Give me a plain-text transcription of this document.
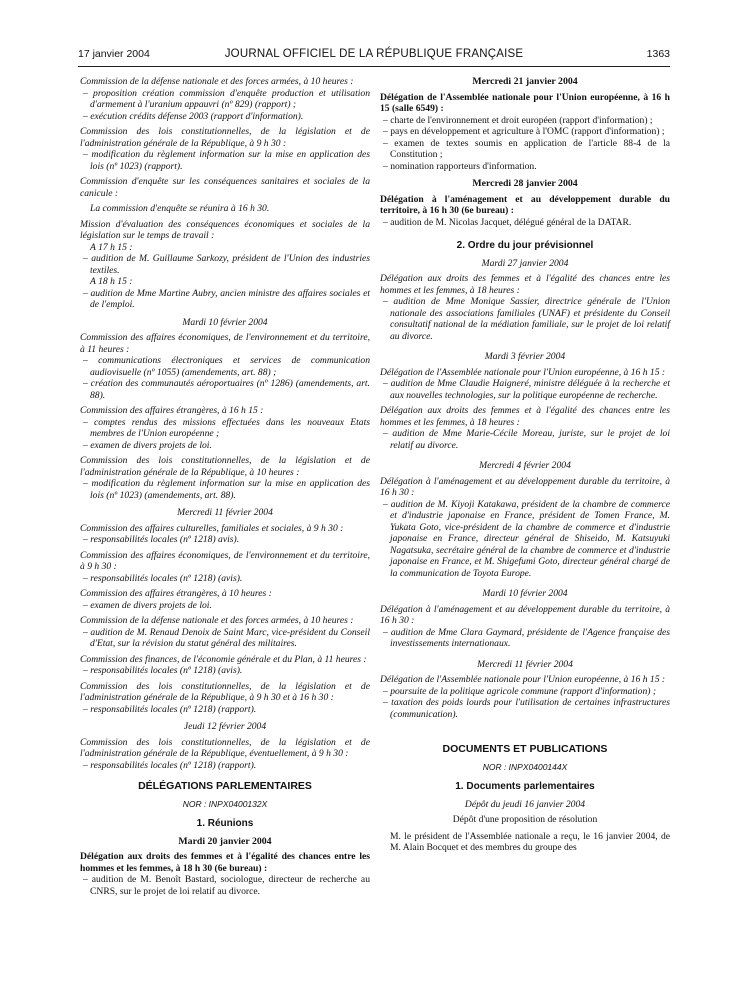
17 janvier 2004	JOURNAL OFFICIEL DE LA RÉPUBLIQUE FRANÇAISE	1363

Commission de la défense nationale et des forces armées, à 10 heures :

– proposition création commission d'enquête production et utilisation d'armement à l'uranium appauvri (nº 829) (rapport) ;

– exécution crédits défense 2003 (rapport d'information).

Commission des lois constitutionnelles, de la législation et de l'administration générale de la République, à 9 h 30 :

– modification du règlement information sur la mise en application des lois (nº 1023) (rapport).

Commission d'enquête sur les conséquences sanitaires et sociales de la canicule :

La commission d'enquête se réunira à 16 h 30.

Mission d'évaluation des conséquences économiques et sociales de la législation sur le temps de travail :

A 17 h 15 :

– audition de M. Guillaume Sarkozy, président de l'Union des industries textiles.

A 18 h 15 :

– audition de Mme Martine Aubry, ancien ministre des affaires sociales et de l'emploi.

Mardi 10 février 2004

Commission des affaires économiques, de l'environnement et du territoire, à 11 heures :

– communications électroniques et services de communication audiovisuelle (nº 1055) (amendements, art. 88) ;

– création des communautés aéroportuaires (nº 1286) (amendements, art. 88).

Commission des affaires étrangères, à 16 h 15 :

– comptes rendus des missions effectuées dans les nouveaux Etats membres de l'Union européenne ;

– examen de divers projets de loi.

Commission des lois constitutionnelles, de la législation et de l'administration générale de la République, à 10 heures :

– modification du règlement information sur la mise en application des lois (nº 1023) (amendements, art. 88).

Mercredi 11 février 2004

Commission des affaires culturelles, familiales et sociales, à 9 h 30 :

– responsabilités locales (nº 1218) avis).

Commission des affaires économiques, de l'environnement et du territoire, à 9 h 30 :

– responsabilités locales (nº 1218) (avis).

Commission des affaires étrangères, à 10 heures :

– examen de divers projets de loi.

Commission de la défense nationale et des forces armées, à 10 heures :

– audition de M. Renaud Denoix de Saint Marc, vice-président du Conseil d'Etat, sur la révision du statut général des militaires.

Commission des finances, de l'économie générale et du Plan, à 11 heures :

– responsabilités locales (nº 1218) (avis).

Commission des lois constitutionnelles, de la législation et de l'administration générale de la République, à 9 h 30 et à 16 h 30 :

– responsabilités locales (nº 1218) (rapport).

Jeudi 12 février 2004

Commission des lois constitutionnelles, de la législation et de l'administration générale de la République, éventuellement, à 9 h 30 :

– responsabilités locales (nº 1218) (rapport).

DÉLÉGATIONS PARLEMENTAIRES

NOR : INPX0400132X

1. Réunions

Mardi 20 janvier 2004

Délégation aux droits des femmes et à l'égalité des chances entre les hommes et les femmes, à 18 h 30 (6e bureau) :

– audition de M. Benoît Bastard, sociologue, directeur de recherche au CNRS, sur le projet de loi relatif au divorce.

Mercredi 21 janvier 2004

Délégation de l'Assemblée nationale pour l'Union européenne, à 16 h 15 (salle 6549) :

– charte de l'environnement et droit européen (rapport d'information) ;

– pays en développement et agriculture à l'OMC (rapport d'information) ;

– examen de textes soumis en application de l'article 88-4 de la Constitution ;

– nomination rapporteurs d'information.

Mercredi 28 janvier 2004

Délégation à l'aménagement et au développement durable du territoire, à 16 h 30 (6e bureau) :

– audition de M. Nicolas Jacquet, délégué général de la DATAR.

2. Ordre du jour prévisionnel

Mardi 27 janvier 2004

Délégation aux droits des femmes et à l'égalité des chances entre les hommes et les femmes, à 18 heures :

– audition de Mme Monique Sassier, directrice générale de l'Union nationale des associations familiales (UNAF) et présidente du Conseil consultatif national de la médiation familiale, sur le projet de loi relatif au divorce.

Mardi 3 février 2004

Délégation de l'Assemblée nationale pour l'Union européenne, à 16 h 15 :

– audition de Mme Claudie Haigneré, ministre déléguée à la recherche et aux nouvelles technologies, sur la politique européenne de recherche.

Délégation aux droits des femmes et à l'égalité des chances entre les hommes et les femmes, à 18 heures :

– audition de Mme Marie-Cécile Moreau, juriste, sur le projet de loi relatif au divorce.

Mercredi 4 février 2004

Délégation à l'aménagement et au développement durable du territoire, à 16 h 30 :

– audition de M. Kiyoji Katakawa, président de la chambre de commerce et d'industrie japonaise en France, président de Tomen France, M. Yukata Goto, vice-président de la chambre de commerce et d'industrie japonaise en France, directeur général de Shiseido, M. Katsuyuki Nagatsuka, secrétaire général de la chambre de commerce et d'industrie japonaise en France, et M. Shigefumi Goto, directeur général chargé de la communication de Toyota Europe.

Mardi 10 février 2004

Délégation à l'aménagement et au développement durable du territoire, à 16 h 30 :

– audition de Mme Clara Gaymard, présidente de l'Agence française des investissements internationaux.

Mercredi 11 février 2004

Délégation de l'Assemblée nationale pour l'Union européenne, à 16 h 15 :

– poursuite de la politique agricole commune (rapport d'information) ;

– taxation des poids lourds pour l'utilisation de certaines infrastructures (communication).

DOCUMENTS ET PUBLICATIONS

NOR : INPX0400144X

1. Documents parlementaires

Dépôt du jeudi 16 janvier 2004

Dépôt d'une proposition de résolution

M. le président de l'Assemblée nationale a reçu, le 16 janvier 2004, de M. Alain Bocquet et des membres du groupe des
